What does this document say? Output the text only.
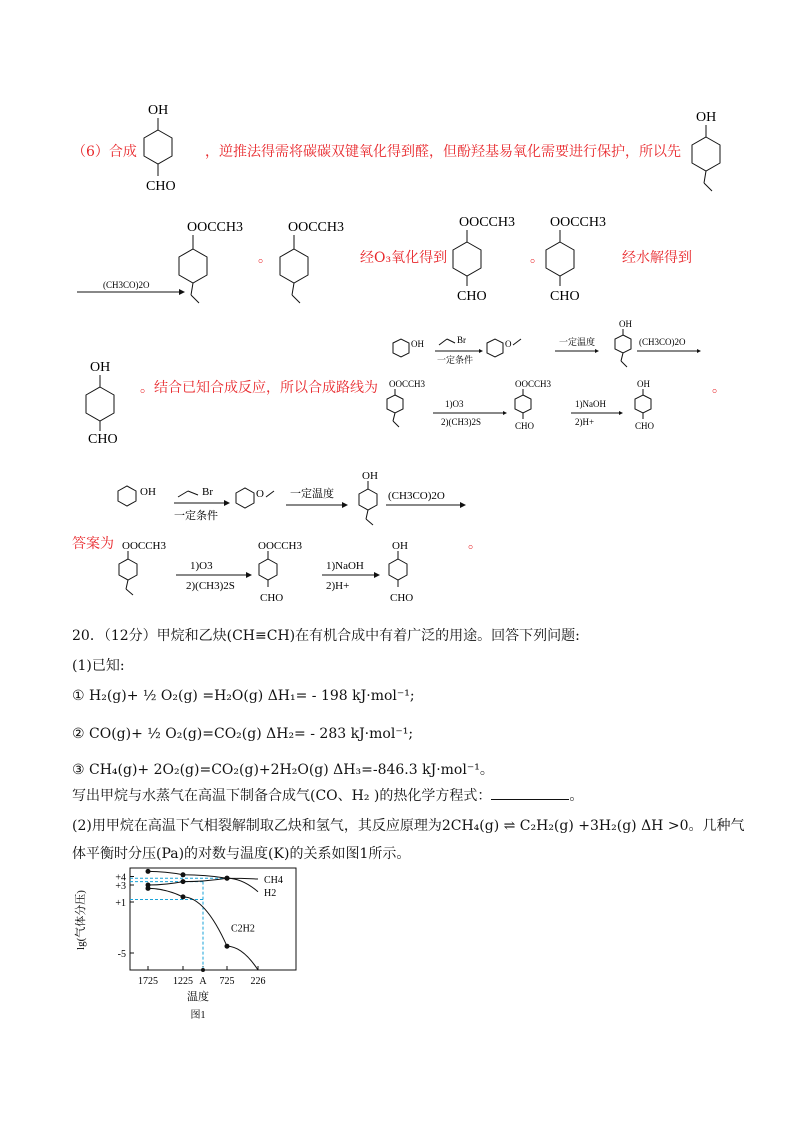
（6）合成
OH
CHO
，逆推法得需将碳碳双键氧化得到醛，但酚羟基易氧化需要进行保护，所以先
OH
(CH3CO)2O
OOCCH3
。
OOCCH3
经O₃氧化得到
OOCCH3
CHO
。
OOCCH3
CHO
经水解得到
OH
CHO
。结合已知合成反应，所以合成路线为
OH	Br
一定条件
O	一定温度
OH
(CH3CO)2O
OOCCH3
1)O3
2)(CH3)2S
OOCCH3
CHO
1)NaOH
2)H+
OH
CHO
。
OH	Br
一定条件
O 一定温度
OH
(CH3CO)2O
OOCCH3
1)O3
2)(CH3)2S
OOCCH3
CHO
1)NaOH
2)H+
OH
CHO
答案为	。
20．（12分）甲烷和乙炔(CH≡CH)在有机合成中有着广泛的用途。回答下列问题:
(1)已知:
① H₂(g)+ ½ O₂(g) =H₂O(g) ΔH₁= - 198 kJ·mol⁻¹;
② CO(g)+ ½ O₂(g)=CO₂(g) ΔH₂= - 283 kJ·mol⁻¹;
③ CH₄(g)+ 2O₂(g)=CO₂(g)+2H₂O(g) ΔH₃=-846.3 kJ·mol⁻¹。
写出甲烷与水蒸气在高温下制备合成气(CO、H₂ )的热化学方程式：	。
(2)用甲烷在高温下气相裂解制取乙炔和氢气，其反应原理为2CH₄(g) ⇌ C₂H₂(g) +3H₂(g) ΔH >0。几种气
体平衡时分压(Pa)的对数与温度(K)的关系如图1所示。
lg(气体分压)
温度
图1
+4
+3
+1
-5
1725 1225 A 725 226
CH4
H2
C2H2
